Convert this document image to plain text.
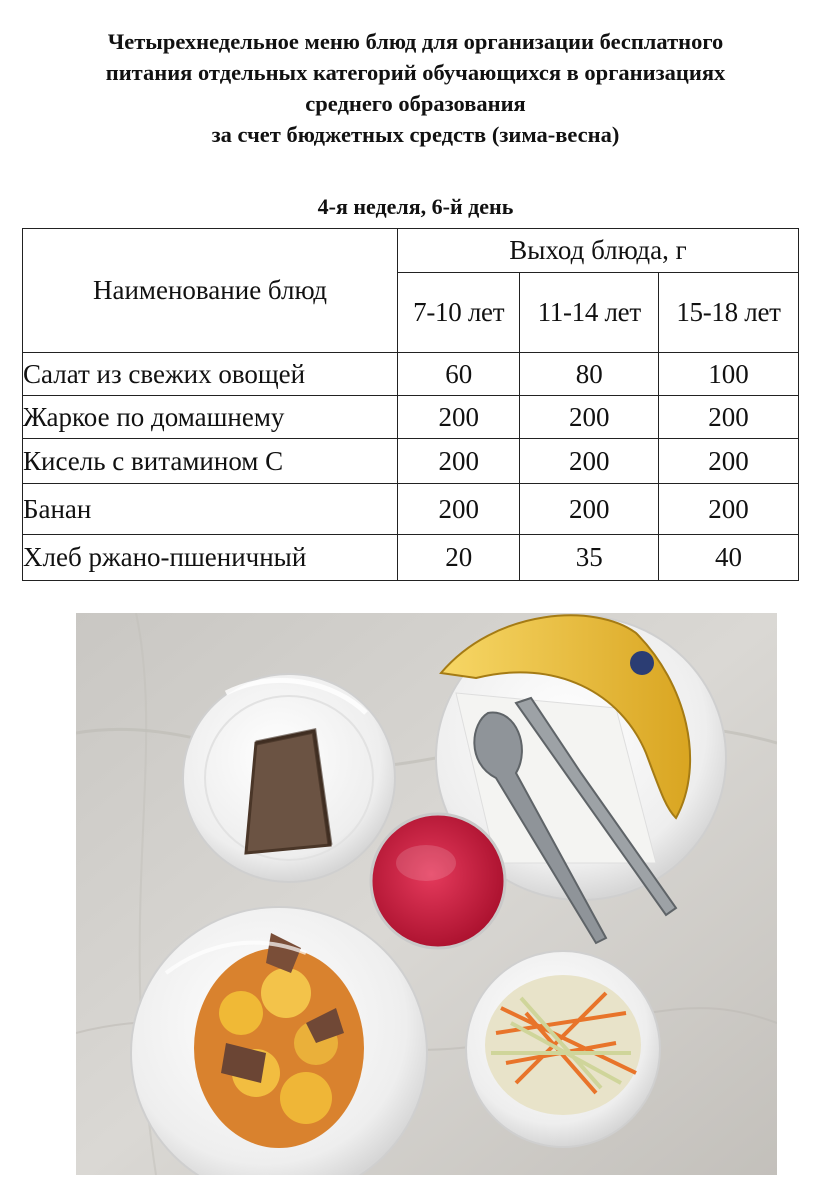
Четырехнедельное меню блюд для организации бесплатного
питания отдельных категорий обучающихся в организациях
среднего образования
за счет бюджетных средств (зима-весна)
4-я неделя, 6-й день
Наименование блюд	Выход блюда, г		
	7-10 лет	11-14 лет	15-18 лет
Салат из свежих овощей	60	80	100
Жаркое по домашнему	200	200	200
Кисель с витамином С	200	200	200
Банан	200	200	200
Хлеб ржано-пшеничный	20	35	40
